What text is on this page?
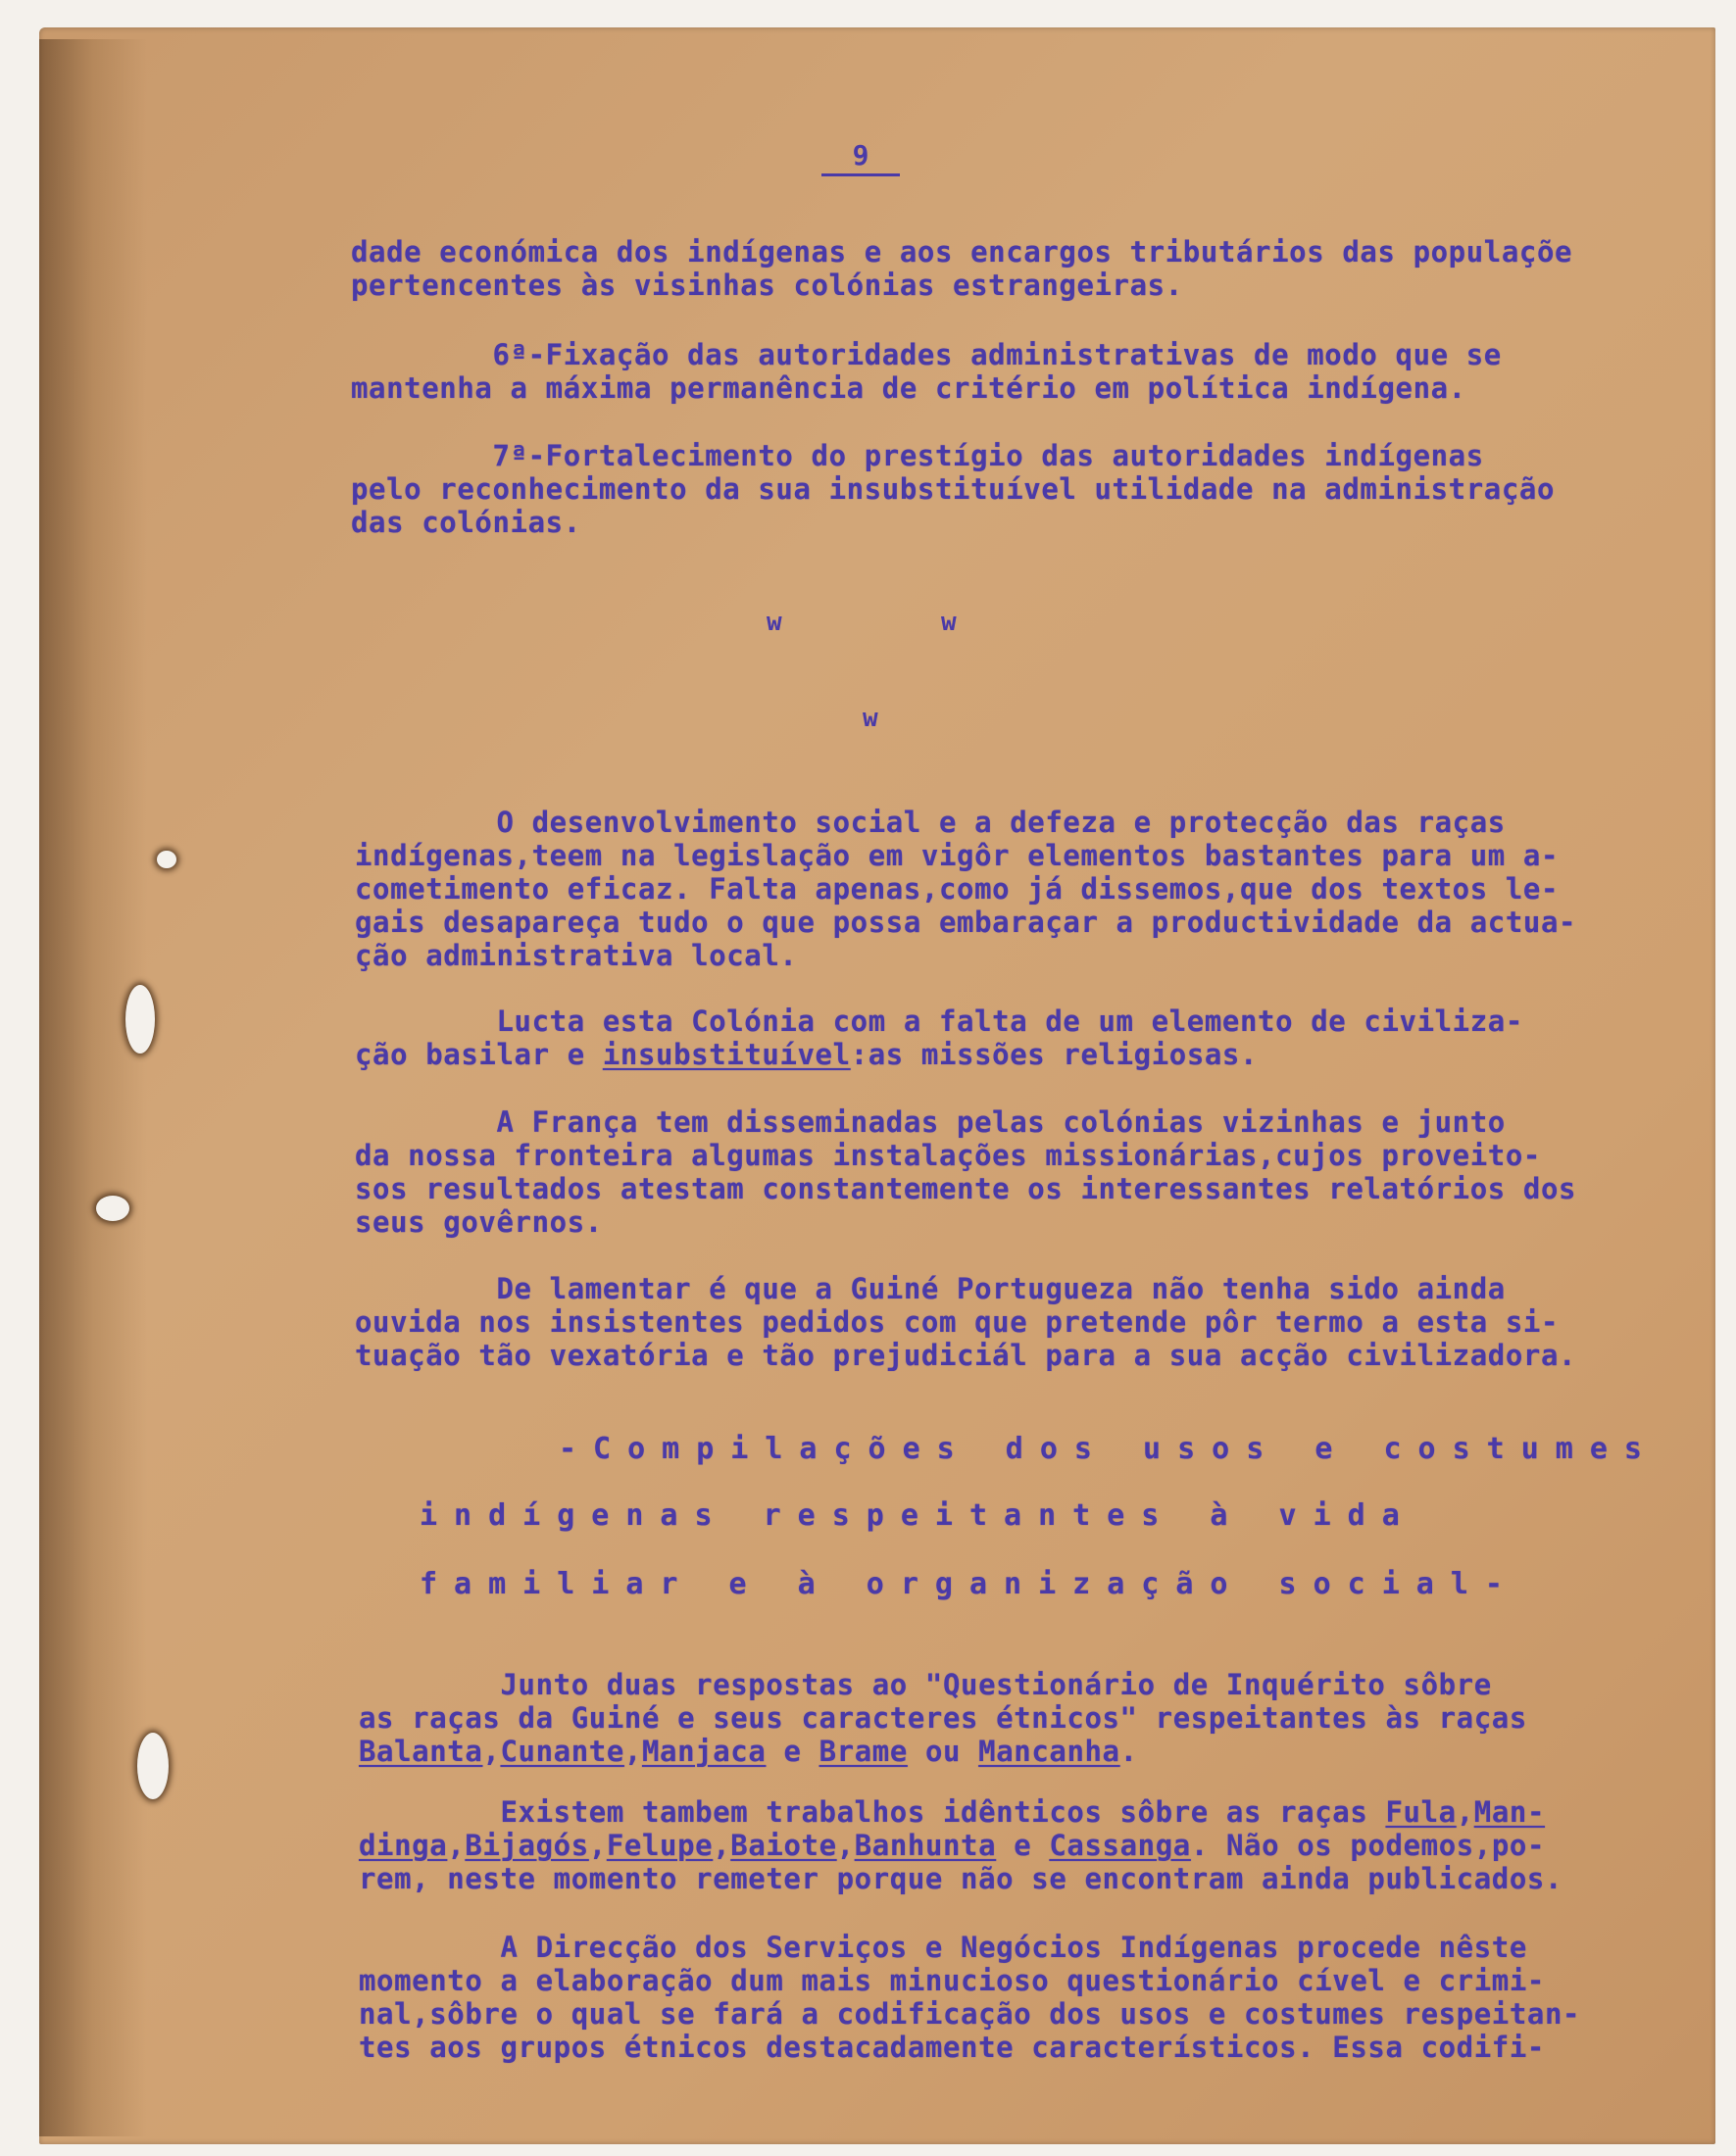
9
dade económica dos indígenas e aos encargos tributários das populaçõe
pertencentes às visinhas colónias estrangeiras.
6ª-Fixação das autoridades administrativas de modo que se
mantenha a máxima permanência de critério em política indígena.
7ª-Fortalecimento do prestígio das autoridades indígenas
pelo reconhecimento da sua insubstituível utilidade na administração
das colónias.
w	w
w
O desenvolvimento social e a defeza e protecção das raças
indígenas,teem na legislação em vigôr elementos bastantes para um a-
cometimento eficaz. Falta apenas,como já dissemos,que dos textos le-
gais desapareça tudo o que possa embaraçar a productividade da actua-
ção administrativa local.
Lucta esta Colónia com a falta de um elemento de civiliza-
ção basilar e insubstituível:as missões religiosas.
A França tem disseminadas pelas colónias vizinhas e junto
da nossa fronteira algumas instalações missionárias,cujos proveito-
sos resultados atestam constantemente os interessantes relatórios dos
seus govêrnos.
De lamentar é que a Guiné Portugueza não tenha sido ainda
ouvida nos insistentes pedidos com que pretende pôr termo a esta si-
tuação tão vexatória e tão prejudiciál para a sua acção civilizadora.
-Compilações dos usos e costumes
indígenas respeitantes à vida
familiar e à organização social-
Junto duas respostas ao "Questionário de Inquérito sôbre
as raças da Guiné e seus caracteres étnicos" respeitantes às raças
Balanta,Cunante,Manjaca e Brame ou Mancanha.
Existem tambem trabalhos idênticos sôbre as raças Fula,Man-
dinga,Bijagós,Felupe,Baiote,Banhunta e Cassanga. Não os podemos,po-
rem, neste momento remeter porque não se encontram ainda publicados.
A Direcção dos Serviços e Negócios Indígenas procede nêste
momento a elaboração dum mais minucioso questionário cível e crimi-
nal,sôbre o qual se fará a codificação dos usos e costumes respeitan-
tes aos grupos étnicos destacadamente característicos. Essa codifi-
